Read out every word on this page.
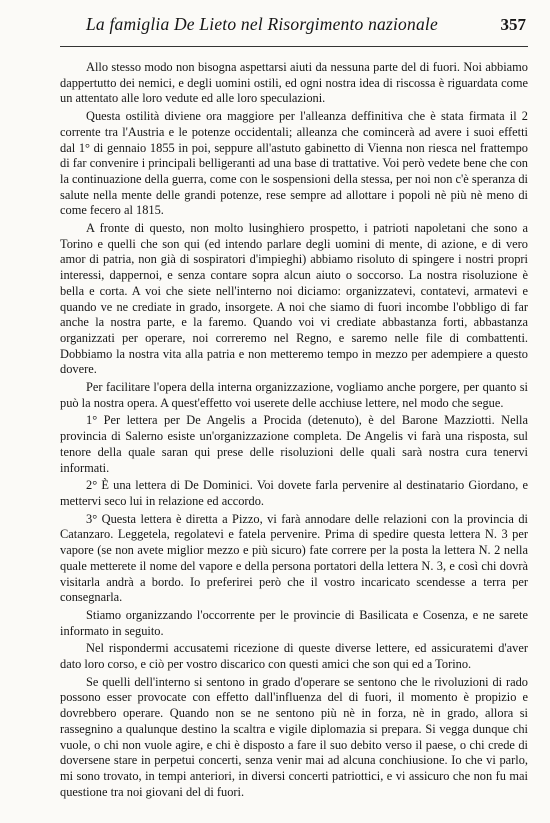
La famiglia De Lieto nel Risorgimento nazionale	357

Allo stesso modo non bisogna aspettarsi aiuti da nessuna parte del di fuori. Noi abbiamo dappertutto dei nemici, e degli uomini ostili, ed ogni nostra idea di riscossa è riguardata come un attentato alle loro vedute ed alle loro speculazioni.

Questa ostilità diviene ora maggiore per l'alleanza deffinitiva che è stata firmata il 2 corrente tra l'Austria e le potenze occidentali; alleanza che comincerà ad avere i suoi effetti dal 1° di gennaio 1855 in poi, seppure all'astuto gabinetto di Vienna non riesca nel frattempo di far convenire i principali belligeranti ad una base di trattative. Voi però vedete bene che con la continuazione della guerra, come con le sospensioni della stessa, per noi non c'è speranza di salute nella mente delle grandi potenze, rese sempre ad allottare i popoli nè più nè meno di come fecero al 1815.

A fronte di questo, non molto lusinghiero prospetto, i patrioti napoletani che sono a Torino e quelli che son qui (ed intendo parlare degli uomini di mente, di azione, e di vero amor di patria, non già di sospiratori d'impieghi) abbiamo risoluto di spingere i nostri propri interessi, dappernoi, e senza contare sopra alcun aiuto o soccorso. La nostra risoluzione è bella e corta. A voi che siete nell'interno noi diciamo: organizzatevi, contatevi, armatevi e quando ve ne crediate in grado, insorgete. A noi che siamo di fuori incombe l'obbligo di far anche la nostra parte, e la faremo. Quando voi vi crediate abbastanza forti, abbastanza organizzati per operare, noi correremo nel Regno, e saremo nelle file di combattenti. Dobbiamo la nostra vita alla patria e non metteremo tempo in mezzo per adempiere a questo dovere.

Per facilitare l'opera della interna organizzazione, vogliamo anche porgere, per quanto si può la nostra opera. A quest'effetto voi userete delle acchiuse lettere, nel modo che segue.

1° Per lettera per De Angelis a Procida (detenuto), è del Barone Mazziotti. Nella provincia di Salerno esiste un'organizzazione completa. De Angelis vi farà una risposta, sul tenore della quale saran qui prese delle risoluzioni delle quali sarà nostra cura tenervi informati.

2° È una lettera di De Dominici. Voi dovete farla pervenire al destinatario Giordano, e mettervi seco lui in relazione ed accordo.

3° Questa lettera è diretta a Pizzo, vi farà annodare delle relazioni con la provincia di Catanzaro. Leggetela, regolatevi e fatela pervenire. Prima di spedire questa lettera N. 3 per vapore (se non avete miglior mezzo e più sicuro) fate correre per la posta la lettera N. 2 nella quale metterete il nome del vapore e della persona portatori della lettera N. 3, e così chi dovrà visitarla andrà a bordo. Io preferirei però che il vostro incaricato scendesse a terra per consegnarla.

Stiamo organizzando l'occorrente per le provincie di Basilicata e Cosenza, e ne sarete informato in seguito.

Nel rispondermi accusatemi ricezione di queste diverse lettere, ed assicuratemi d'aver dato loro corso, e ciò per vostro discarico con questi amici che son qui ed a Torino.

Se quelli dell'interno si sentono in grado d'operare se sentono che le rivoluzioni di rado possono esser provocate con effetto dall'influenza del di fuori, il momento è propizio e dovrebbero operare. Quando non se ne sentono più nè in forza, nè in grado, allora si rassegnino a qualunque destino la scaltra e vigile diplomazia si prepara. Si vegga dunque chi vuole, o chi non vuole agire, e chi è disposto a fare il suo debito verso il paese, o chi crede di doversene stare in perpetui concerti, senza venir mai ad alcuna conchiusione. Io che vi parlo, mi sono trovato, in tempi anteriori, in diversi concerti patriottici, e vi assicuro che non fu mai questione tra noi giovani del di fuori.
